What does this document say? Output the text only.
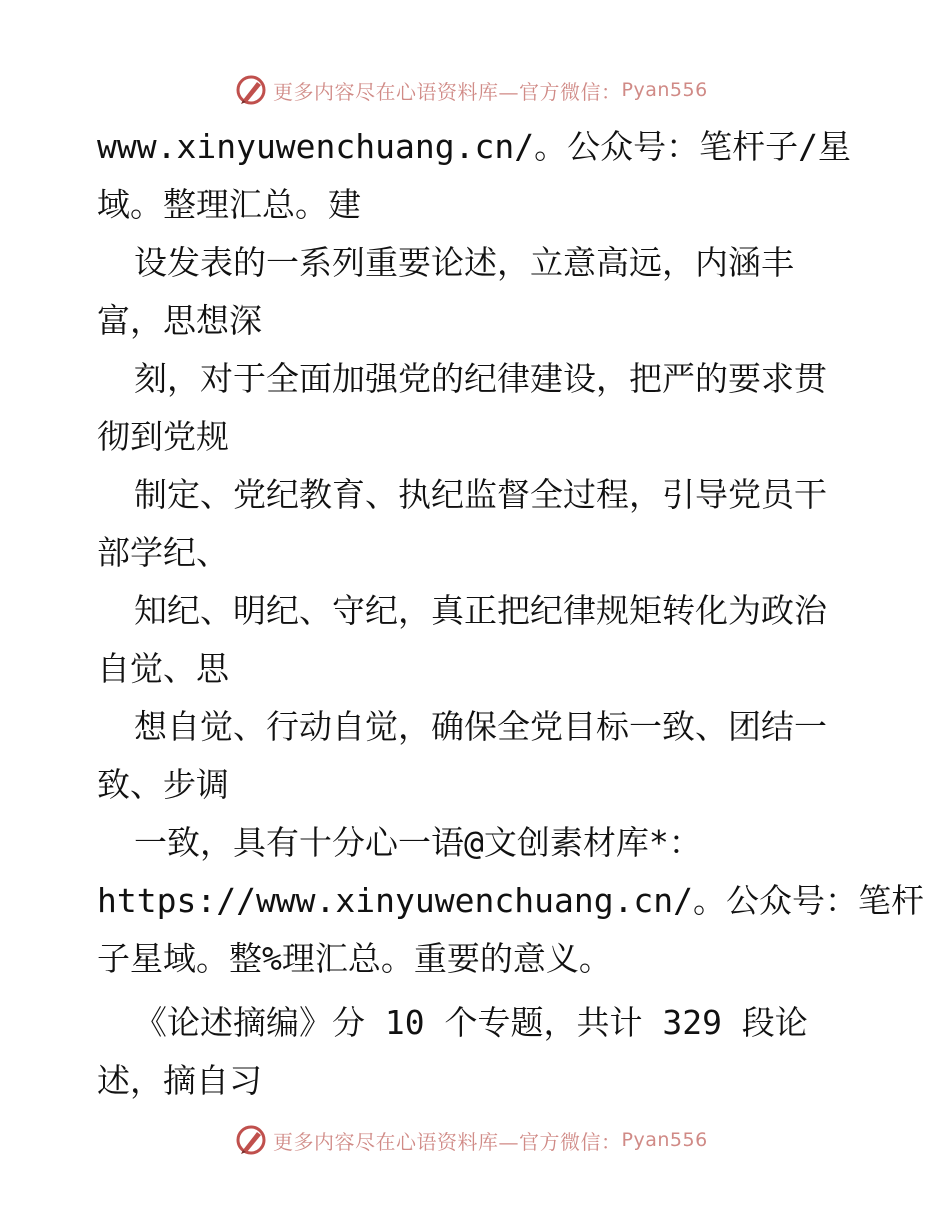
更多内容尽在心语资料库—官方微信： Pyan556
www.xinyuwenchuang.cn/。公众号：笔杆子/星
域。整理汇总。建
设发表的一系列重要论述，立意高远，内涵丰
富，思想深
刻，对于全面加强党的纪律建设，把严的要求贯
彻到党规
制定、党纪教育、执纪监督全过程，引导党员干
部学纪、
知纪、明纪、守纪，真正把纪律规矩转化为政治
自觉、思
想自觉、行动自觉，确保全党目标一致、团结一
致、步调
一致，具有十分心一语@文创素材库*：
https://www.xinyuwenchuang.cn/。公众号：笔杆
子星域。整%理汇总。重要的意义。
《论述摘编》分 10 个专题，共计 329 段论
述，摘自习
更多内容尽在心语资料库—官方微信： Pyan556
